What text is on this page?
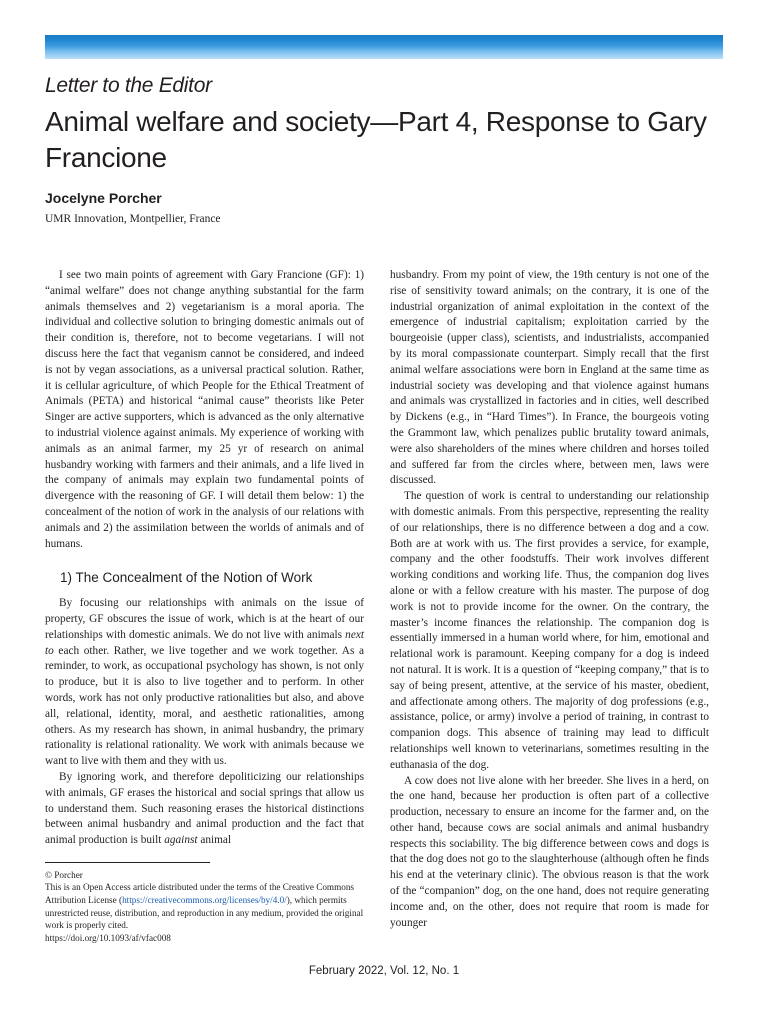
Letter to the Editor
Animal welfare and society—Part 4, Response to Gary Francione
Jocelyne Porcher
UMR Innovation, Montpellier, France

I see two main points of agreement with Gary Francione (GF): 1) “animal welfare” does not change anything substantial for the farm animals themselves and 2) vegetarianism is a moral aporia. The individual and collective solution to bringing domestic animals out of their condition is, therefore, not to become vegetarians. I will not discuss here the fact that veganism cannot be considered, and indeed is not by vegan associations, as a universal practical solution. Rather, it is cellular agriculture, of which People for the Ethical Treatment of Animals (PETA) and historical “animal cause” theorists like Peter Singer are active supporters, which is advanced as the only alternative to industrial violence against animals. My experience of working with animals as an animal farmer, my 25 yr of research on animal husbandry working with farmers and their animals, and a life lived in the company of animals may explain two fundamental points of divergence with the reasoning of GF. I will detail them below: 1) the concealment of the notion of work in the analysis of our relations with animals and 2) the assimilation between the worlds of animals and of humans.

1) The Concealment of the Notion of Work

By focusing our relationships with animals on the issue of property, GF obscures the issue of work, which is at the heart of our relationships with domestic animals. We do not live with animals next to each other. Rather, we live together and we work together. As a reminder, to work, as occupational psychology has shown, is not only to produce, but it is also to live together and to perform. In other words, work has not only productive rationalities but also, and above all, relational, identity, moral, and aesthetic rationalities, among others. As my research has shown, in animal husbandry, the primary rationality is relational rationality. We work with animals because we want to live with them and they with us.

By ignoring work, and therefore depoliticizing our relationships with animals, GF erases the historical and social springs that allow us to understand them. Such reasoning erases the historical distinctions between animal husbandry and animal production and the fact that animal production is built against animal

© Porcher
This is an Open Access article distributed under the terms of the Creative Commons Attribution License (https://creativecommons.org/licenses/by/4.0/), which permits unrestricted reuse, distribution, and reproduction in any medium, provided the original work is properly cited.
https://doi.org/10.1093/af/vfac008

husbandry. From my point of view, the 19th century is not one of the rise of sensitivity toward animals; on the contrary, it is one of the industrial organization of animal exploitation in the context of the emergence of industrial capitalism; exploitation carried by the bourgeoisie (upper class), scientists, and industrialists, accompanied by its moral compassionate counterpart. Simply recall that the first animal welfare associations were born in England at the same time as industrial society was developing and that violence against humans and animals was crystallized in factories and in cities, well described by Dickens (e.g., in “Hard Times”). In France, the bourgeois voting the Grammont law, which penalizes public brutality toward animals, were also shareholders of the mines where children and horses toiled and suffered far from the circles where, between men, laws were discussed.

The question of work is central to understanding our relationship with domestic animals. From this perspective, representing the reality of our relationships, there is no difference between a dog and a cow. Both are at work with us. The first provides a service, for example, company and the other foodstuffs. Their work involves different working conditions and working life. Thus, the companion dog lives alone or with a fellow creature with his master. The purpose of dog work is not to provide income for the owner. On the contrary, the master’s income finances the relationship. The companion dog is essentially immersed in a human world where, for him, emotional and relational work is paramount. Keeping company for a dog is indeed not natural. It is work. It is a question of “keeping company,” that is to say of being present, attentive, at the service of his master, obedient, and affectionate among others. The majority of dog professions (e.g., assistance, police, or army) involve a period of training, in contrast to companion dogs. This absence of training may lead to difficult relationships well known to veterinarians, sometimes resulting in the euthanasia of the dog.

A cow does not live alone with her breeder. She lives in a herd, on the one hand, because her production is often part of a collective production, necessary to ensure an income for the farmer and, on the other hand, because cows are social animals and animal husbandry respects this sociability. The big difference between cows and dogs is that the dog does not go to the slaughterhouse (although often he finds his end at the veterinary clinic). The obvious reason is that the work of the “companion” dog, on the one hand, does not require generating income and, on the other, does not require that room is made for younger

February 2022, Vol. 12, No. 1
